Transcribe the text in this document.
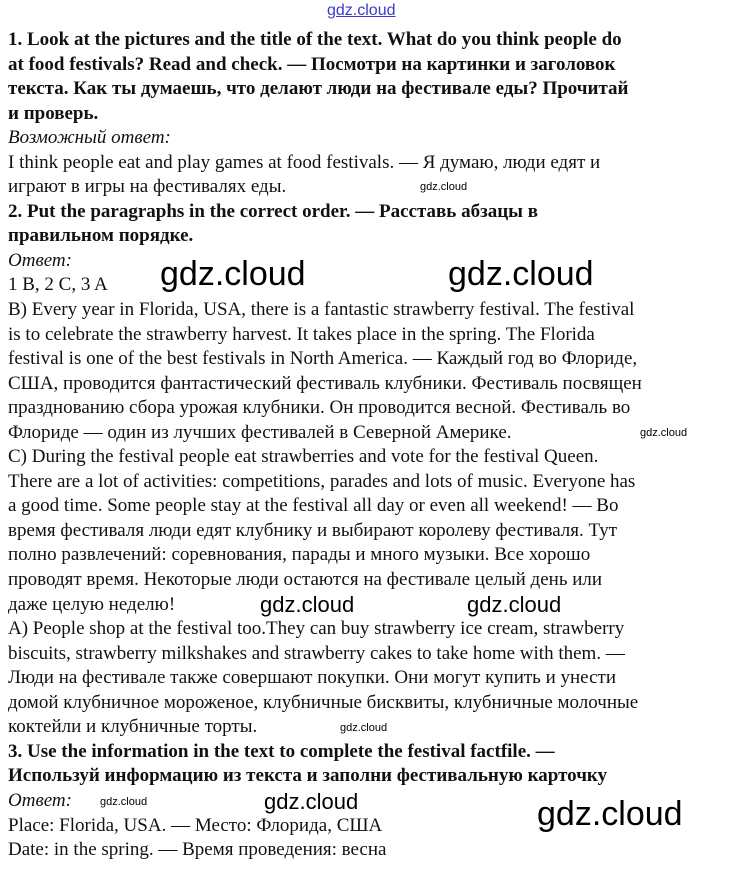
gdz.cloud
1. Look at the pictures and the title of the text. What do you think people do
at food festivals? Read and check. — Посмотри на картинки и заголовок
текста. Как ты думаешь, что делают люди на фестивале еды? Прочитай
и проверь.
Возможный ответ:
I think people eat and play games at food festivals. — Я думаю, люди едят и
играют в игры на фестивалях еды.
2. Put the paragraphs in the correct order. — Расставь абзацы в
правильном порядке.
Ответ:
1 B, 2 C, 3 A
B) Every year in Florida, USA, there is a fantastic strawberry festival. The festival
is to celebrate the strawberry harvest. It takes place in the spring. The Florida
festival is one of the best festivals in North America. — Каждый год во Флориде,
США, проводится фантастический фестиваль клубники. Фестиваль посвящен
празднованию сбора урожая клубники. Он проводится весной. Фестиваль во
Флориде — один из лучших фестивалей в Северной Америке.
C) During the festival people eat strawberries and vote for the festival Queen.
There are a lot of activities: competitions, parades and lots of music. Everyone has
a good time. Some people stay at the festival all day or even all weekend! — Во
время фестиваля люди едят клубнику и выбирают королеву фестиваля. Тут
полно развлечений: соревнования, парады и много музыки. Все хорошо
проводят время. Некоторые люди остаются на фестивале целый день или
даже целую неделю!
A) People shop at the festival too.They can buy strawberry ice cream, strawberry
biscuits, strawberry milkshakes and strawberry cakes to take home with them. —
Люди на фестивале также совершают покупки. Они могут купить и унести
домой клубничное мороженое, клубничные бисквиты, клубничные молочные
коктейли и клубничные торты.
3. Use the information in the text to complete the festival factfile. —
Используй информацию из текста и заполни фестивальную карточку
Ответ:
Place: Florida, USA. — Место: Флорида, США
Date: in the spring. — Время проведения: весна
gdz.cloud	gdz.cloud
gdz.cloud
gdz.cloud
gdz.cloud	gdz.cloud
gdz.cloud
gdz.cloud	gdz.cloud	gdz.cloud
